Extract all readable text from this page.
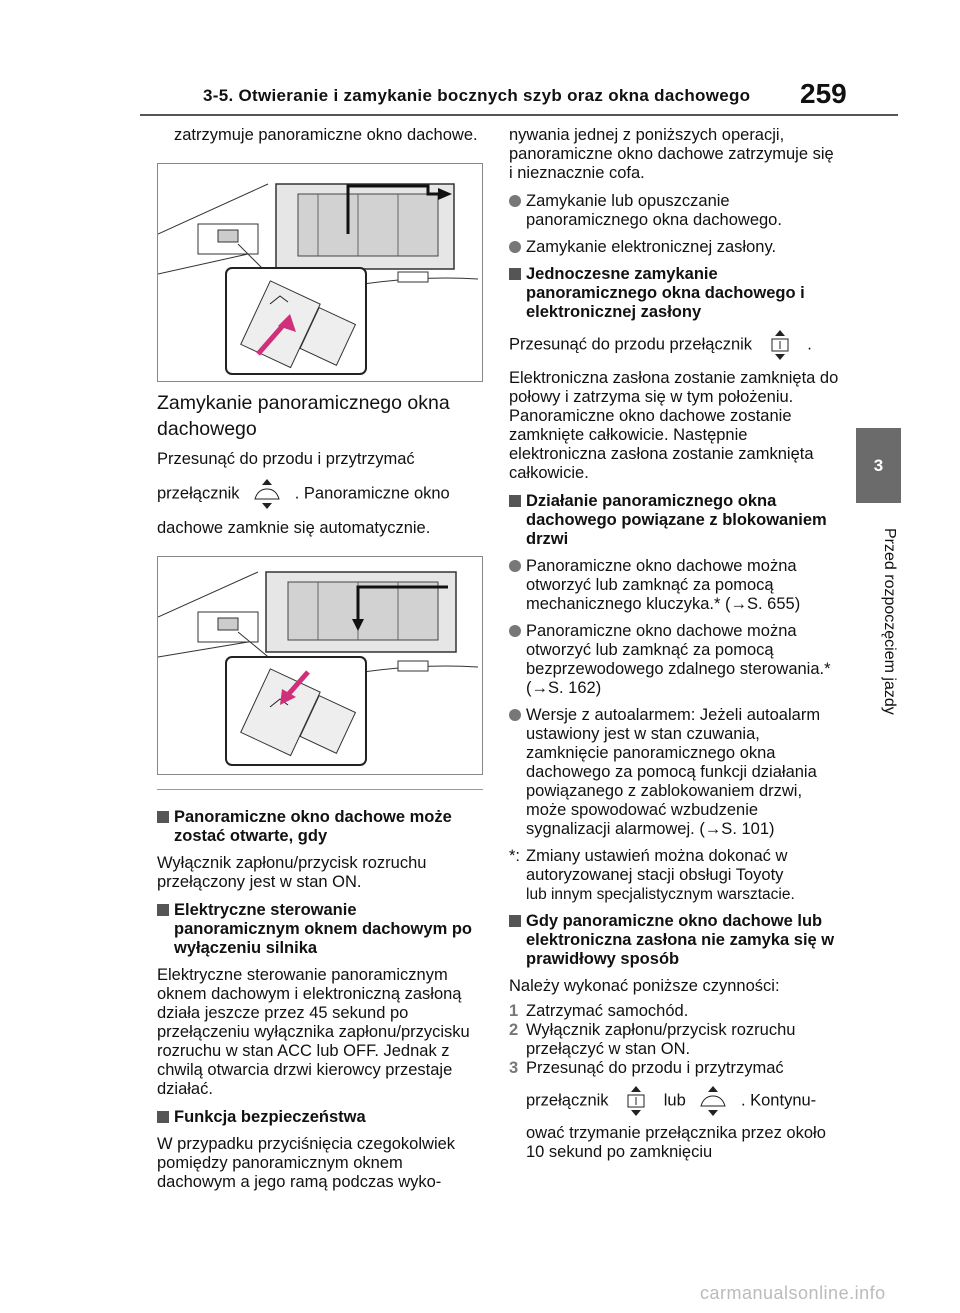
3-5. Otwieranie i zamykanie bocznych szyb oraz okna dachowego 259
3
Przed rozpoczęciem jazdy

zatrzymuje panoramiczne okno dachowe.

Zamykanie panoramicznego okna dachowego
Przesunąć do przodu i przytrzymać
przełącznik	. Panoramiczne okno
dachowe zamknie się automatycznie.
Panoramiczne okno dachowe może zostać otwarte, gdy

Wyłącznik zapłonu/przycisk rozruchu przełączony jest w stan ON.

Elektryczne sterowanie panoramicznym oknem dachowym po wyłączeniu silnika

Elektryczne sterowanie panoramicznym oknem dachowym i elektroniczną zasłoną działa jeszcze przez 45 sekund po przełączeniu wyłącznika zapłonu/przycisku rozruchu w stan ACC lub OFF. Jednak z chwilą otwarcia drzwi kierowcy przestaje działać.

Funkcja bezpieczeństwa

W przypadku przyciśnięcia czegokolwiek pomiędzy panoramicznym oknem dachowym a jego ramą podczas wyko-

nywania jednej z poniższych operacji, panoramiczne okno dachowe zatrzymuje się i nieznacznie cofa.

Zamykanie lub opuszczanie panoramicznego okna dachowego.
Zamykanie elektronicznej zasłony.
Jednoczesne zamykanie panoramicznego okna dachowego i elektronicznej zasłony

Przesunąć do przodu przełącznik	.

Elektroniczna zasłona zostanie zamknięta do połowy i zatrzyma się w tym położeniu. Panoramiczne okno dachowe zostanie zamknięte całkowicie. Następnie elektroniczna zasłona zostanie zamknięta całkowicie.

Działanie panoramicznego okna dachowego powiązane z blokowaniem drzwi
Panoramiczne okno dachowe można otworzyć lub zamknąć za pomocą mechanicznego kluczyka.* (→S. 655)
Panoramiczne okno dachowe można otworzyć lub zamknąć za pomocą bezprzewodowego zdalnego sterowania.* (→S. 162)
Wersje z autoalarmem: Jeżeli autoalarm ustawiony jest w stan czuwania, zamknięcie panoramicznego okna dachowego za pomocą funkcji działania powiązanego z zablokowaniem drzwi, może spowodować wzbudzenie sygnalizacji alarmowej. (→S. 101)
*: Zmiany ustawień można dokonać w autoryzowanej stacji obsługi Toyoty
lub innym specjalistycznym warsztacie.
Gdy panoramiczne okno dachowe lub elektroniczna zasłona nie zamyka się w prawidłowy sposób

Należy wykonać poniższe czynności:

1 Zatrzymać samochód.
2 Wyłącznik zapłonu/przycisk rozruchu przełączyć w stan ON.
3 Przesunąć do przodu i przytrzymać
przełącznik	lub	. Kontynu-
ować trzymanie przełącznika przez około 10 sekund po zamknięciu
carmanualsonline.info
